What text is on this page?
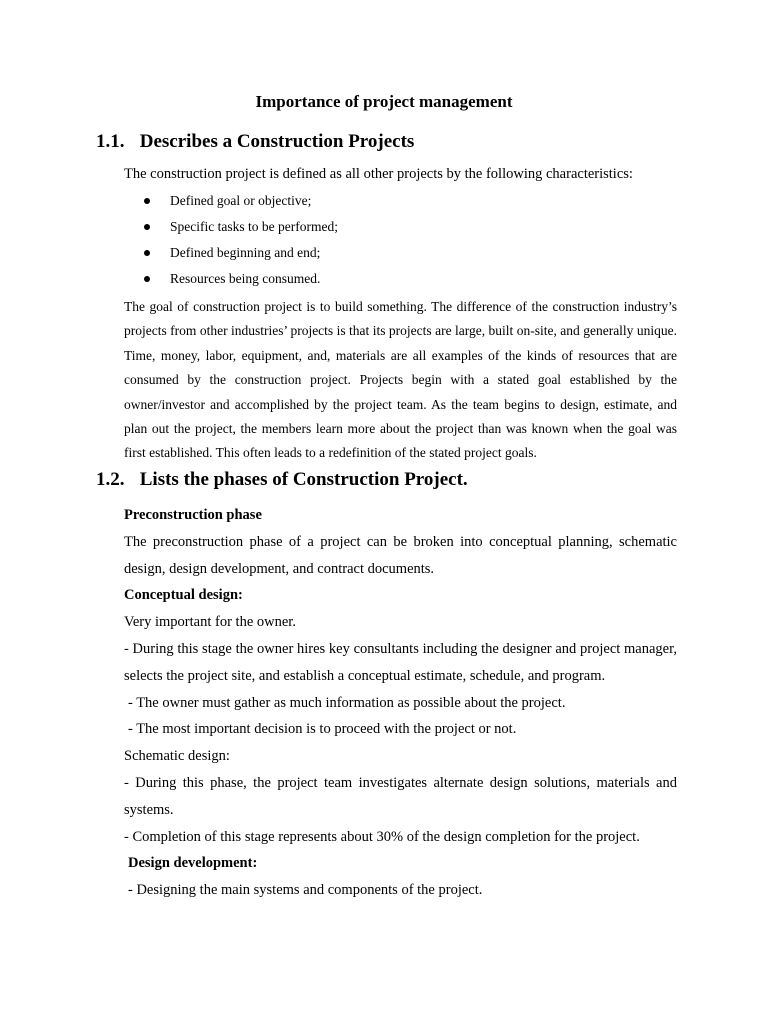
Importance of project management
1.1. Describes a Construction Projects
The construction project is defined as all other projects by the following characteristics:
Defined goal or objective;
Specific tasks to be performed;
Defined beginning and end;
Resources being consumed.
The goal of construction project is to build something. The difference of the construction industry’s projects from other industries’ projects is that its projects are large, built on-site, and generally unique. Time, money, labor, equipment, and, materials are all examples of the kinds of resources that are consumed by the construction project. Projects begin with a stated goal established by the owner/investor and accomplished by the project team. As the team begins to design, estimate, and plan out the project, the members learn more about the project than was known when the goal was first established. This often leads to a redefinition of the stated project goals.
1.2. Lists the phases of Construction Project.
Preconstruction phase
The preconstruction phase of a project can be broken into conceptual planning, schematic design, design development, and contract documents.
Conceptual design:
Very important for the owner.
- During this stage the owner hires key consultants including the designer and project manager, selects the project site, and establish a conceptual estimate, schedule, and program.
- The owner must gather as much information as possible about the project.
- The most important decision is to proceed with the project or not.
Schematic design:
- During this phase, the project team investigates alternate design solutions, materials and systems.
- Completion of this stage represents about 30% of the design completion for the project.
Design development:
- Designing the main systems and components of the project.
